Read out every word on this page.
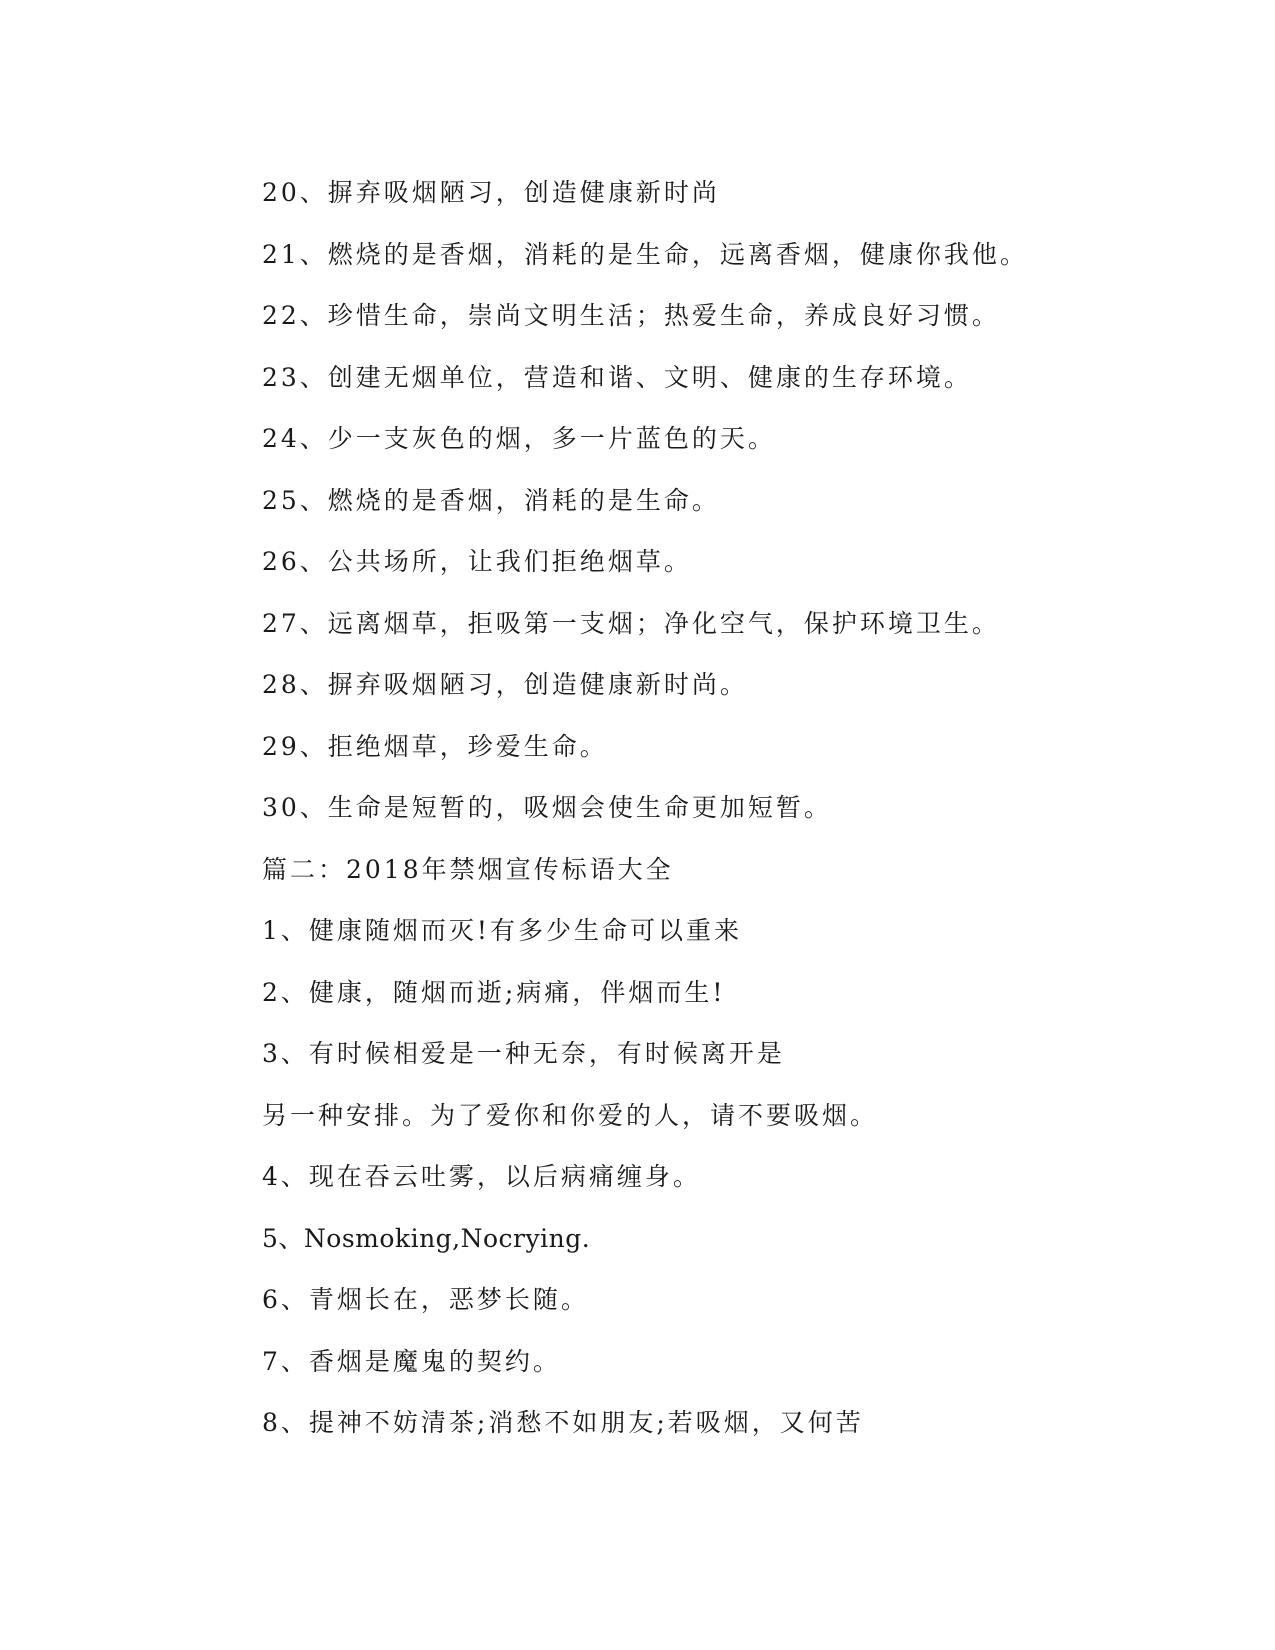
20、摒弃吸烟陋习，创造健康新时尚
21、燃烧的是香烟，消耗的是生命，远离香烟，健康你我他。
22、珍惜生命，崇尚文明生活；热爱生命，养成良好习惯。
23、创建无烟单位，营造和谐、文明、健康的生存环境。
24、少一支灰色的烟，多一片蓝色的天。
25、燃烧的是香烟，消耗的是生命。
26、公共场所，让我们拒绝烟草。
27、远离烟草，拒吸第一支烟；净化空气，保护环境卫生。
28、摒弃吸烟陋习，创造健康新时尚。
29、拒绝烟草，珍爱生命。
30、生命是短暂的，吸烟会使生命更加短暂。
篇二：2018年禁烟宣传标语大全
1、健康随烟而灭!有多少生命可以重来
2、健康，随烟而逝;病痛，伴烟而生!
3、有时候相爱是一种无奈，有时候离开是
另一种安排。为了爱你和你爱的人，请不要吸烟。
4、现在吞云吐雾，以后病痛缠身。
5、Nosmoking,Nocrying.
6、青烟长在，恶梦长随。
7、香烟是魔鬼的契约。
8、提神不妨清茶;消愁不如朋友;若吸烟，又何苦
